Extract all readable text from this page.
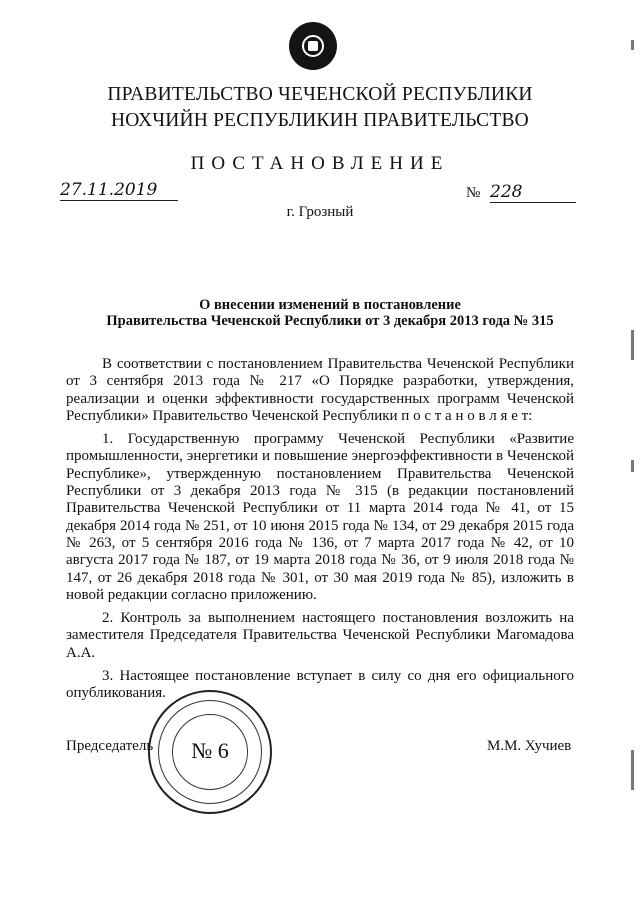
ПРАВИТЕЛЬСТВО ЧЕЧЕНСКОЙ РЕСПУБЛИКИ
НОХЧИЙН РЕСПУБЛИКИН ПРАВИТЕЛЬСТВО
ПОСТАНОВЛЕНИЕ
27.11.2019	№ 228
г. Грозный
О внесении изменений в постановление
Правительства Чеченской Республики от 3 декабря 2013 года № 315

В соответствии с постановлением Правительства Чеченской Республики от 3 сентября 2013 года № 217 «О Порядке разработки, утверждения, реализации и оценки эффективности государственных программ Чеченской Республики» Правительство Чеченской Республики п о с т а н о в л я е т:

1. Государственную программу Чеченской Республики «Развитие промышленности, энергетики и повышение энергоэффективности в Чеченской Республике», утвержденную постановлением Правительства Чеченской Республики от 3 декабря 2013 года № 315 (в редакции постановлений Правительства Чеченской Республики от 11 марта 2014 года № 41, от 15 декабря 2014 года № 251, от 10 июня 2015 года № 134, от 29 декабря 2015 года № 263, от 5 сентября 2016 года № 136, от 7 марта 2017 года № 42, от 10 августа 2017 года № 187, от 19 марта 2018 года № 36, от 9 июля 2018 года № 147, от 26 декабря 2018 года № 301, от 30 мая 2019 года № 85), изложить в новой редакции согласно приложению.

2. Контроль за выполнением настоящего постановления возложить на заместителя Председателя Правительства Чеченской Республики Магомадова А.А.

3. Настоящее постановление вступает в силу со дня его официального опубликования.

Председатель	№ 6	М.М. Хучиев
